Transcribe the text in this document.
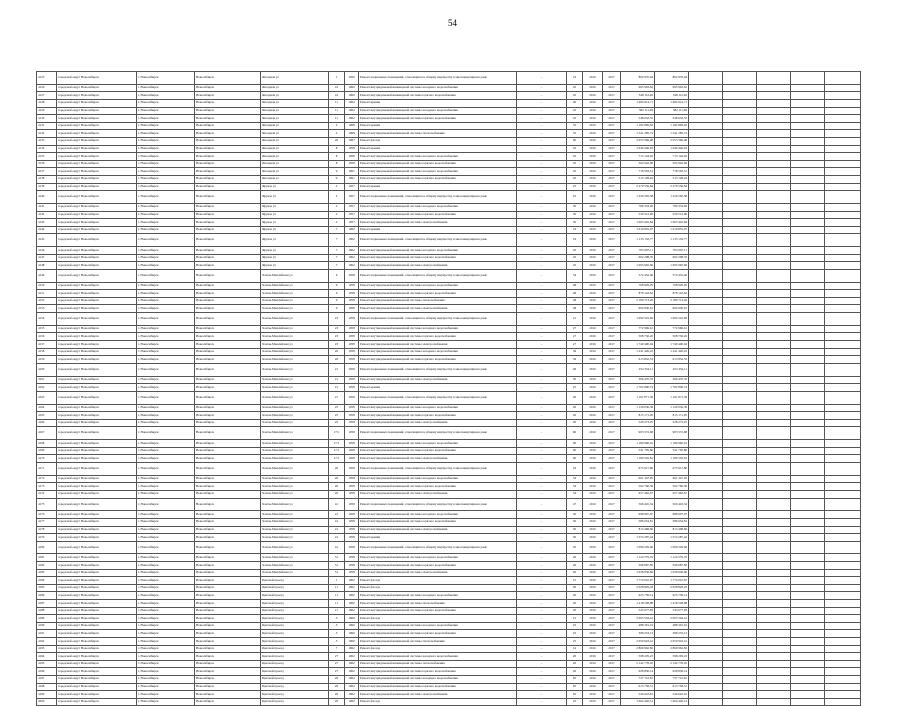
54
4125	городской округ Новосибирск	г. Новосибирск	Новосибирск	Фасадная ул	1	1956	Ремонт подвальных помещений, относящихся к общему имуществу в многоквартирном доме	–	23	2016	2017	802 970,64	802 970,64					
4126	городской округ Новосибирск	г. Новосибирск	Новосибирск	Фасадная ул	16	1960	Ремонт внутридомовой инженерной системы холодного водоснабжения	–	45	2016	2017	695 903,62	695 903,62					
4127	городской округ Новосибирск	г. Новосибирск	Новосибирск	Фасадная ул	16	1960	Ремонт внутридомовой инженерной системы горячего водоснабжения	–	45	2016	2017	548 112,26	548 112,26					
4128	городской округ Новосибирск	г. Новосибирск	Новосибирск	Фасадная ул	11	1962	Ремонт крыши	–	40	2016	2017	1 484 914,71	1 484 914,71					
4129	городской округ Новосибирск	г. Новосибирск	Новосибирск	Фасадная ул	11	1962	Ремонт внутридомовой инженерной системы холодного водоснабжения	–	45	2016	2017	582 111,69	582 111,69					
4130	городской округ Новосибирск	г. Новосибирск	Новосибирск	Фасадная ул	11	1962	Ремонт внутридомовой инженерной системы горячего водоснабжения	–	45	2016	2017	548 632,55	548 632,55					
4131	городской округ Новосибирск	г. Новосибирск	Новосибирск	Фасадная ул	2	1968	Ремонт крыши	–	55	2016	2017	1 182 869,02	1 182 869,02					
4132	городской округ Новосибирск	г. Новосибирск	Новосибирск	Фасадная ул	2	1968	Ремонт внутридомовой инженерной системы теплоснабжения	–	55	2016	2017	1 541 285,74	1 541 285,74					
4133	городской округ Новосибирск	г. Новосибирск	Новосибирск	Фасадная ул	26	1967	Ремонт фасада	–	60	2016	2017	2 053 366,48	2 053 366,48					
4134	городской округ Новосибирск	г. Новосибирск	Новосибирск	Фасадная ул	8	1958	Ремонт крыши	–	45	2016	2017	1 049 446,93	1 049 446,93					
4135	городской округ Новосибирск	г. Новосибирск	Новосибирск	Фасадная ул	8	1958	Ремонт внутридомовой инженерной системы холодного водоснабжения	–	45	2016	2017	713 144,02	713 144,02					
4136	городской округ Новосибирск	г. Новосибирск	Новосибирск	Фасадная ул	8	1958	Ремонт внутридомовой инженерной системы горячего водоснабжения	–	45	2016	2017	502 942,69	502 942,69					
4137	городской округ Новосибирск	г. Новосибирск	Новосибирск	Фасадная ул	9	1961	Ремонт внутридомовой инженерной системы холодного водоснабжения	–	45	2016	2017	718 593,51	718 593,51					
4138	городской округ Новосибирск	г. Новосибирск	Новосибирск	Фасадная ул	9	1961	Ремонт внутридомовой инженерной системы горячего водоснабжения	–	45	2016	2017	513 128,24	513 128,24					
4139	городской округ Новосибирск	г. Новосибирск	Новосибирск	Фрунзе ул	2	1957	Ремонт крыши	–	25	2016	2017	2 279 556,84	2 279 556,84					
4140	городской округ Новосибирск	г. Новосибирск	Новосибирск	Фрунзе ул	2	1957	Ремонт подвальных помещений, относящихся к общему имуществу в многоквартирном доме	–	25	2016	2017	1 226 565,58	1 226 565,58					
4141	городской округ Новосибирск	г. Новосибирск	Новосибирск	Фрунзе ул	2	1957	Ремонт внутридомовой инженерной системы холодного водоснабжения	–	50	2016	2017	780 333,06	780 333,06					
4142	городской округ Новосибирск	г. Новосибирск	Новосибирск	Фрунзе ул	2	1957	Ремонт внутридомовой инженерной системы горячего водоснабжения	–	50	2016	2017	559 512,96	559 512,96					
4143	городской округ Новосибирск	г. Новосибирск	Новосибирск	Фрунзе ул	2	1957	Ремонт внутридомовой инженерной системы электроснабжения	–	50	2016	2017	1 063 445,84	1 063 445,84					
4144	городской округ Новосибирск	г. Новосибирск	Новосибирск	Фрунзе ул	7	1962	Ремонт крыши	–	19	2016	2017	1 619 855,07	1 619 855,07					
4145	городской округ Новосибирск	г. Новосибирск	Новосибирск	Фрунзе ул	7	1962	Ремонт подвальных помещений, относящихся к общему имуществу в многоквартирном доме	–	19	2016	2017	1 133 132,77	1 133 132,77					
4146	городской округ Новосибирск	г. Новосибирск	Новосибирск	Фрунзе ул	7	1962	Ремонт внутридомовой инженерной системы холодного водоснабжения	–	45	2016	2017	705 097,11	705 097,11					
4147	городской округ Новосибирск	г. Новосибирск	Новосибирск	Фрунзе ул	7	1962	Ремонт внутридомовой инженерной системы горячего водоснабжения	–	45	2016	2017	602 208,76	602 208,76					
4148	городской округ Новосибирск	г. Новосибирск	Новосибирск	Фрунзе ул	7	1962	Ремонт внутридомовой инженерной системы электроснабжения	–	45	2016	2017	1 065 992,66	1 065 992,66					
4149	городской округ Новосибирск	г. Новосибирск	Новосибирск	Ханты-Мансийская ул	6	1958	Ремонт подвальных помещений, относящихся к общему имуществу в многоквартирном доме	–	54	2016	2017	574 452,46	574 452,46					
4150	городской округ Новосибирск	г. Новосибирск	Новосибирск	Ханты-Мансийская ул	6	1958	Ремонт внутридомовой инженерной системы холодного водоснабжения	–	48	2016	2017	768 929,05	768 929,05					
4151	городской округ Новосибирск	г. Новосибирск	Новосибирск	Ханты-Мансийская ул	6	1958	Ремонт внутридомовой инженерной системы горячего водоснабжения	–	48	2016	2017	878 143,62	878 143,62					
4152	городской округ Новосибирск	г. Новосибирск	Новосибирск	Ханты-Мансийская ул	6	1958	Ремонт внутридомовой инженерной системы теплоснабжения	–	48	2016	2017	2 180 713,26	2 180 713,26					
4153	городской округ Новосибирск	г. Новосибирск	Новосибирск	Ханты-Мансийская ул	6	1958	Ремонт внутридомовой инженерной системы электроснабжения	–	48	2016	2017	904 930,91	904 930,91					
4154	городской округ Новосибирск	г. Новосибирск	Новосибирск	Ханты-Мансийская ул	23	1958	Ремонт подвальных помещений, относящихся к общему имуществу в многоквартирном доме	–	21	2016	2017	1 094 522,69	1 094 522,69					
4155	городской округ Новосибирск	г. Новосибирск	Новосибирск	Ханты-Мансийская ул	23	1958	Ремонт внутридомовой инженерной системы холодного водоснабжения	–	27	2016	2017	772 996,61	772 996,61					
4156	городской округ Новосибирск	г. Новосибирск	Новосибирск	Ханты-Мансийская ул	23	1958	Ремонт внутридомовой инженерной системы горячего водоснабжения	–	27	2016	2017	508 736,26	508 736,26					
4157	городской округ Новосибирск	г. Новосибирск	Новосибирск	Ханты-Мансийская ул	23	1958	Ремонт внутридомовой инженерной системы электроснабжения	–	27	2016	2017	1 749 400,04	1 749 400,04					
4158	городской округ Новосибирск	г. Новосибирск	Новосибирск	Ханты-Мансийская ул	26	1958	Ремонт внутридомовой инженерной системы холодного водоснабжения	–	39	2016	2017	1 241 426,22	1 241 426,22					
4159	городской округ Новосибирск	г. Новосибирск	Новосибирск	Ханты-Мансийская ул	26	1958	Ремонт внутридомовой инженерной системы горячего водоснабжения	–	39	2016	2017	613 852,53	613 852,53					
4160	городской округ Новосибирск	г. Новосибирск	Новосибирск	Ханты-Мансийская ул	21	1958	Ремонт подвальных помещений, относящихся к общему имуществу в многоквартирном доме	–	49	2016	2017	252 354,11	252 354,11					
4161	городской округ Новосибирск	г. Новосибирск	Новосибирск	Ханты-Мансийская ул	21	1958	Ремонт внутридомовой инженерной системы электроснабжения	–	50	2016	2017	396 470,35	396 470,35					
4162	городской округ Новосибирск	г. Новосибирск	Новосибирск	Ханты-Мансийская ул	21	1958	Ремонт крыши	–	25	2016	2017	1 702 800,74	1 702 800,74					
4163	городской округ Новосибирск	г. Новосибирск	Новосибирск	Ханты-Мансийская ул	21	1958	Ремонт подвальных помещений, относящихся к общему имуществу в многоквартирном доме	–	20	2016	2017	1 161 871,39	1 161 871,39					
4164	городской округ Новосибирск	г. Новосибирск	Новосибирск	Ханты-Мансийская ул	25	1958	Ремонт внутридомовой инженерной системы холодного водоснабжения	–	20	2016	2017	1 129 036,39	1 129 036,39					
4165	городской округ Новосибирск	г. Новосибирск	Новосибирск	Ханты-Мансийская ул	25	1958	Ремонт внутридомовой инженерной системы горячего водоснабжения	–	20	2016	2017	815 171,05	815 171,05					
4166	городской округ Новосибирск	г. Новосибирск	Новосибирск	Ханты-Мансийская ул	25	1958	Ремонт внутридомовой инженерной системы электроснабжения	–	20	2016	2017	528 273,25	528 273,25					
4167	городской округ Новосибирск	г. Новосибирск	Новосибирск	Ханты-Мансийская ул	17/1	1958	Ремонт подвальных помещений, относящихся к общему имуществу в многоквартирном доме	–	60	2016	2017	903 572,68	903 572,68					
4168	городской округ Новосибирск	г. Новосибирск	Новосибирск	Ханты-Мансийская ул	17/1	1958	Ремонт внутридомовой инженерной системы холодного водоснабжения	–	60	2016	2017	1 180 960,16	1 180 960,16					
4169	городской округ Новосибирск	г. Новосибирск	Новосибирск	Ханты-Мансийская ул	17/1	1958	Ремонт внутридомовой инженерной системы горячего водоснабжения	–	60	2016	2017	541 795,86	541 795,86					
4170	городской округ Новосибирск	г. Новосибирск	Новосибирск	Ханты-Мансийская ул	17/1	1958	Ремонт внутридомовой инженерной системы электроснабжения	–	60	2016	2017	1 180 545,81	1 180 545,81					
4171	городской округ Новосибирск	г. Новосибирск	Новосибирск	Ханты-Мансийская ул	20	1958	Ремонт подвальных помещений, относящихся к общему имуществу в многоквартирном доме	–	43	2016	2017	675 917,86	675 917,86					
4172	городской округ Новосибирск	г. Новосибирск	Новосибирск	Ханты-Мансийская ул	20	1958	Ремонт внутридомовой инженерной системы холодного водоснабжения	–	54	2016	2017	601 347,05	601 347,05					
4173	городской округ Новосибирск	г. Новосибирск	Новосибирск	Ханты-Мансийская ул	20	1958	Ремонт внутридомовой инженерной системы горячего водоснабжения	–	54	2016	2017	562 766,39	562 766,39					
4174	городской округ Новосибирск	г. Новосибирск	Новосибирск	Ханты-Мансийская ул	20	1958	Ремонт внутридомовой инженерной системы электроснабжения	–	54	2016	2017	657 462,67	657 462,67					
4175	городской округ Новосибирск	г. Новосибирск	Новосибирск	Ханты-Мансийская ул	41	1958	Ремонт подвальных помещений, относящихся к общему имуществу в многоквартирном доме	–	47	2016	2017	566 445,34	566 445,34					
4176	городской округ Новосибирск	г. Новосибирск	Новосибирск	Ханты-Мансийская ул	41	1958	Ремонт внутридомовой инженерной системы холодного водоснабжения	–	50	2016	2017	698 907,07	698 907,07					
4177	городской округ Новосибирск	г. Новосибирск	Новосибирск	Ханты-Мансийская ул	41	1958	Ремонт внутридомовой инженерной системы горячего водоснабжения	–	50	2016	2017	586 654,81	586 654,81					
4178	городской округ Новосибирск	г. Новосибирск	Новосибирск	Ханты-Мансийская ул	41	1958	Ремонт внутридомовой инженерной системы электроснабжения	–	50	2016	2017	813 468,60	813 468,60					
4179	городской округ Новосибирск	г. Новосибирск	Новосибирск	Ханты-Мансийская ул	41	1958	Ремонт крыши	–	50	2016	2017	1 574 287,44	1 574 287,44					
4180	городской округ Новосибирск	г. Новосибирск	Новосибирск	Ханты-Мансийская ул	41	1958	Ремонт подвальных помещений, относящихся к общему имуществу в многоквартирном доме	–	45	2016	2017	1 099 229,60	1 099 229,60					
4181	городской округ Новосибирск	г. Новосибирск	Новосибирск	Ханты-Мансийская ул	51	1958	Ремонт внутридомовой инженерной системы холодного водоснабжения	–	26	2016	2017	1 124 579,76	1 124 579,76					
4182	городской округ Новосибирск	г. Новосибирск	Новосибирск	Ханты-Мансийская ул	51	1958	Ремонт внутридомовой инженерной системы горячего водоснабжения	–	26	2016	2017	599 687,85	599 687,85					
4183	городской округ Новосибирск	г. Новосибирск	Новосибирск	Ханты-Мансийская ул	51	1958	Ремонт внутридомовой инженерной системы электроснабжения	–	26	2016	2017	1 028 936,66	1 028 936,66					
4184	городской округ Новосибирск	г. Новосибирск	Новосибирск	Цветной проезд	1	1962	Ремонт фасада	–	15	2016	2017	1 774 010,67	1 774 010,67					
4185	городской округ Новосибирск	г. Новосибирск	Новосибирск	Цветной проезд	11	1962	Ремонт фасада	–	20	2016	2017	2 028 829,18	2 028 829,18					
4186	городской округ Новосибирск	г. Новосибирск	Новосибирск	Цветной проезд	11	1962	Ремонт внутридомовой инженерной системы холодного водоснабжения	–	20	2016	2017	623 739,14	623 739,14					
4187	городской округ Новосибирск	г. Новосибирск	Новосибирск	Цветной проезд	11	1962	Ремонт внутридомовой инженерной системы теплоснабжения	–	20	2016	2017	1 418 528,88	1 418 528,88					
4188	городской округ Новосибирск	г. Новосибирск	Новосибирск	Цветной проезд	11	1962	Ремонт внутридомовой инженерной системы горячего водоснабжения	–	20	2016	2017	543 677,93	543 677,93					
4189	городской округ Новосибирск	г. Новосибирск	Новосибирск	Цветной проезд	5	1960	Ремонт фасада	–	15	2016	2017	2 005 563,41	2 005 563,41					
4190	городской округ Новосибирск	г. Новосибирск	Новосибирск	Цветной проезд	5	1960	Ремонт внутридомовой инженерной системы холодного водоснабжения	–	25	2016	2017	488 391,01	488 391,01					
4191	городской округ Новосибирск	г. Новосибирск	Новосибирск	Цветной проезд	5	1960	Ремонт внутридомовой инженерной системы горячего водоснабжения	–	25	2016	2017	398 253,13	398 253,13					
4192	городской округ Новосибирск	г. Новосибирск	Новосибирск	Цветной проезд	5	1960	Ремонт внутридомовой инженерной системы теплоснабжения	–	25	2016	2017	2 050 943,41	2 050 943,41					
4193	городской округ Новосибирск	г. Новосибирск	Новосибирск	Цветной проезд	7	1962	Ремонт фасада	–	14	2016	2017	2 869 962,82	2 869 962,82					
4194	городской округ Новосибирск	г. Новосибирск	Новосибирск	Цветной проезд	27	1962	Ремонт внутридомовой инженерной системы холодного водоснабжения	–	20	2016	2017	598 205,23	598 205,23					
4195	городской округ Новосибирск	г. Новосибирск	Новосибирск	Цветной проезд	27	1962	Ремонт внутридомовой инженерной системы теплоснабжения	–	20	2016	2017	2 142 778,45	2 142 778,45					
4196	городской округ Новосибирск	г. Новосибирск	Новосибирск	Цветной проезд	27	1962	Ремонт внутридомовой инженерной системы горячего водоснабжения	–	20	2016	2017	628 830,14	628 830,14					
4197	городской округ Новосибирск	г. Новосибирск	Новосибирск	Цветной проезд	29	1962	Ремонт внутридомовой инженерной системы холодного водоснабжения	–	65	2016	2017	737 741,81	737 741,81					
4198	городской округ Новосибирск	г. Новосибирск	Новосибирск	Цветной проезд	29	1962	Ремонт внутридомовой инженерной системы горячего водоснабжения	–	65	2016	2017	613 758,31	613 758,31					
4199	городской округ Новосибирск	г. Новосибирск	Новосибирск	Цветной проезд	29	1962	Ремонт внутридомовой инженерной системы электроснабжения	–	65	2016	2017	546 622,91	546 622,91					
4200	городской округ Новосибирск	г. Новосибирск	Новосибирск	Цветной проезд	29	1962	Ремонт фасада	–	25	2016	2017	1 604 426,14	1 604 426,14					
